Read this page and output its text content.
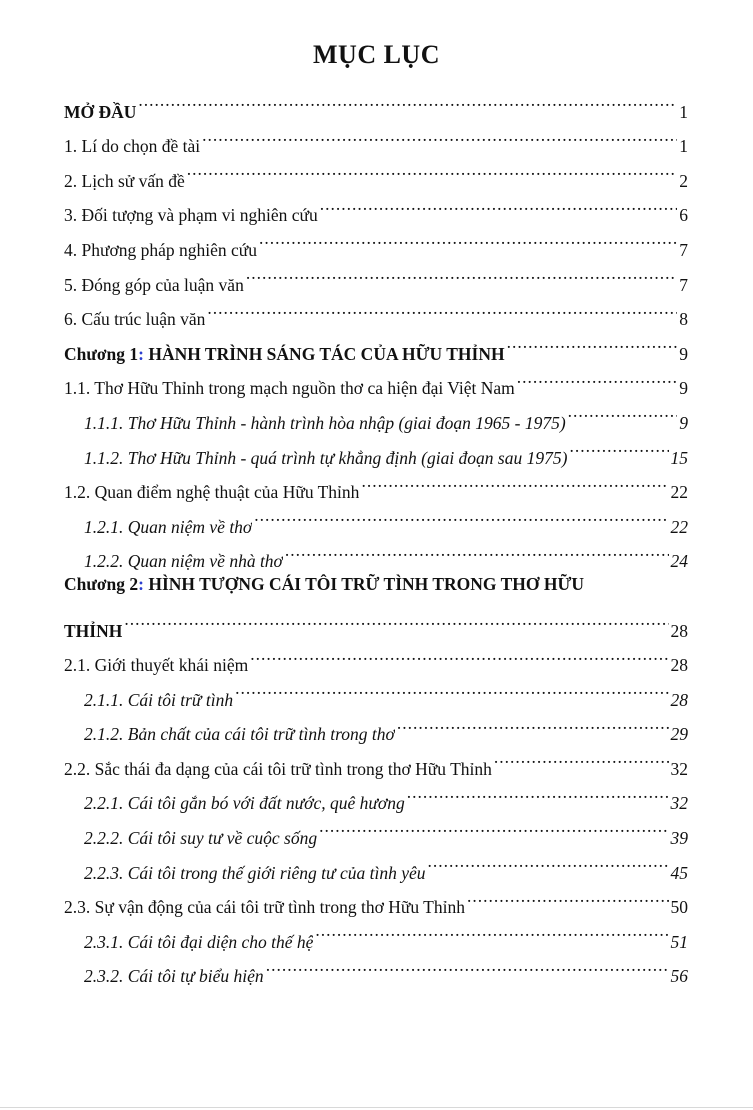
MỤC LỤC
MỞ ĐẦU .....	1
1. Lí do chọn đề tài .....	1
2. Lịch sử vấn đề .....	2
3. Đối tượng và phạm vi nghiên cứu .....	6
4. Phương pháp nghiên cứu .....	7
5. Đóng góp của luận văn .....	7
6. Cấu trúc luận văn .....	8
Chương 1: HÀNH TRÌNH SÁNG TÁC CỦA HỮU THỈNH .....	9
1.1. Thơ Hữu Thỉnh trong mạch nguồn thơ ca hiện đại Việt Nam .....	9
1.1.1. Thơ Hữu Thỉnh - hành trình hòa nhập (giai đoạn 1965 - 1975) .....	9
1.1.2. Thơ Hữu Thỉnh - quá trình tự khẳng định (giai đoạn sau 1975) .....	15
1.2. Quan điểm nghệ thuật của Hữu Thỉnh .....	22
1.2.1. Quan niệm về thơ .....	22
1.2.2. Quan niệm về nhà thơ .....	24
Chương 2: HÌNH TƯỢNG CÁI TÔI TRỮ TÌNH TRONG THƠ HỮU
THỈNH .....	28
2.1. Giới thuyết khái niệm .....	28
2.1.1. Cái tôi trữ tình .....	28
2.1.2. Bản chất của cái tôi trữ tình trong thơ .....	29
2.2. Sắc thái đa dạng của cái tôi trữ tình trong thơ Hữu Thỉnh .....	32
2.2.1. Cái tôi gắn bó với đất nước, quê hương .....	32
2.2.2. Cái tôi suy tư về cuộc sống .....	39
2.2.3. Cái tôi trong thế giới riêng tư của tình yêu .....	45
2.3. Sự vận động của cái tôi trữ tình trong thơ Hữu Thỉnh .....	50
2.3.1. Cái tôi đại diện cho thế hệ .....	51
2.3.2. Cái tôi tự biểu hiện .....	56
